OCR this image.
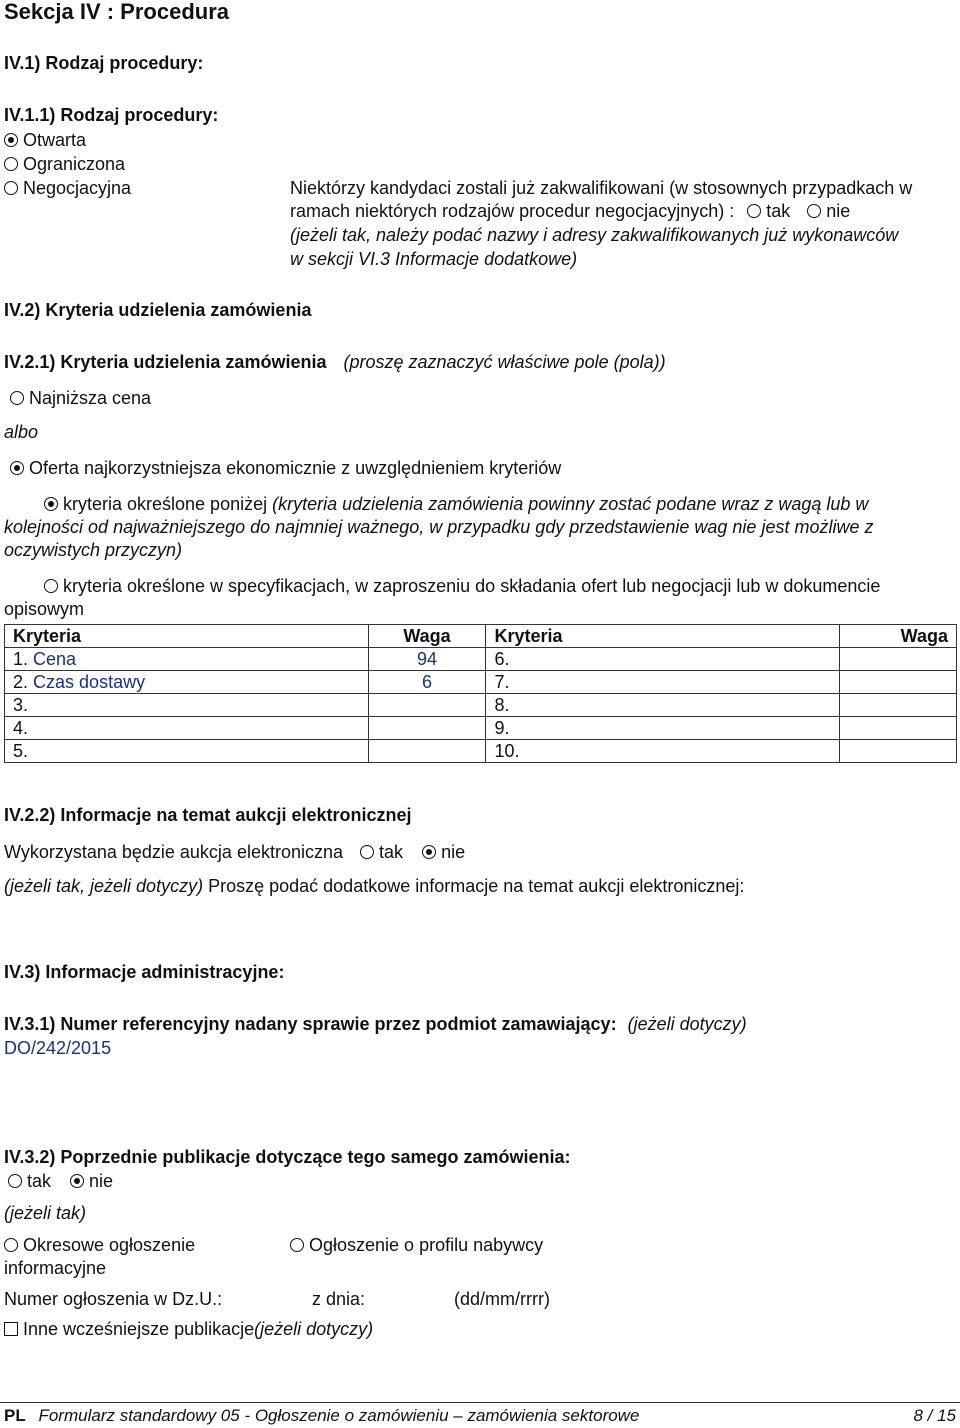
Sekcja IV : Procedura
IV.1) Rodzaj procedury:
IV.1.1) Rodzaj procedury:
Otwarta
Ograniczona
Negocjacyjna	Niektórzy kandydaci zostali już zakwalifikowani (w stosownych przypadkach w
ramach niektórych rodzajów procedur negocjacyjnych) : tak nie
(jeżeli tak, należy podać nazwy i adresy zakwalifikowanych już wykonawców
w sekcji VI.3 Informacje dodatkowe)
IV.2) Kryteria udzielenia zamówienia
IV.2.1) Kryteria udzielenia zamówienia (proszę zaznaczyć właściwe pole (pola))
Najniższa cena
albo
Oferta najkorzystniejsza ekonomicznie z uwzględnieniem kryteriów
kryteria określone poniżej (kryteria udzielenia zamówienia powinny zostać podane wraz z wagą lub w kolejności od najważniejszego do najmniej ważnego, w przypadku gdy przedstawienie wag nie jest możliwe z oczywistych przyczyn)
kryteria określone w specyfikacjach, w zaproszeniu do składania ofert lub negocjacji lub w dokumencie opisowym
Kryteria	Waga	Kryteria	Waga
1. Cena	94	6.	
2. Czas dostawy	6	7.	
3.		8.	
4.		9.	
5.		10.	
IV.2.2) Informacje na temat aukcji elektronicznej
Wykorzystana będzie aukcja elektroniczna tak nie
(jeżeli tak, jeżeli dotyczy) Proszę podać dodatkowe informacje na temat aukcji elektronicznej:
IV.3) Informacje administracyjne:
IV.3.1) Numer referencyjny nadany sprawie przez podmiot zamawiający: (jeżeli dotyczy)
DO/242/2015
IV.3.2) Poprzednie publikacje dotyczące tego samego zamówienia:
tak nie
(jeżeli tak)
Okresowe ogłoszenie
informacyjne
Ogłoszenie o profilu nabywcy
Numer ogłoszenia w Dz.U.:	z dnia:	(dd/mm/rrrr)
Inne wcześniejsze publikacje(jeżeli dotyczy)
PL Formularz standardowy 05 - Ogłoszenie o zamówieniu – zamówienia sektorowe	8 / 15
